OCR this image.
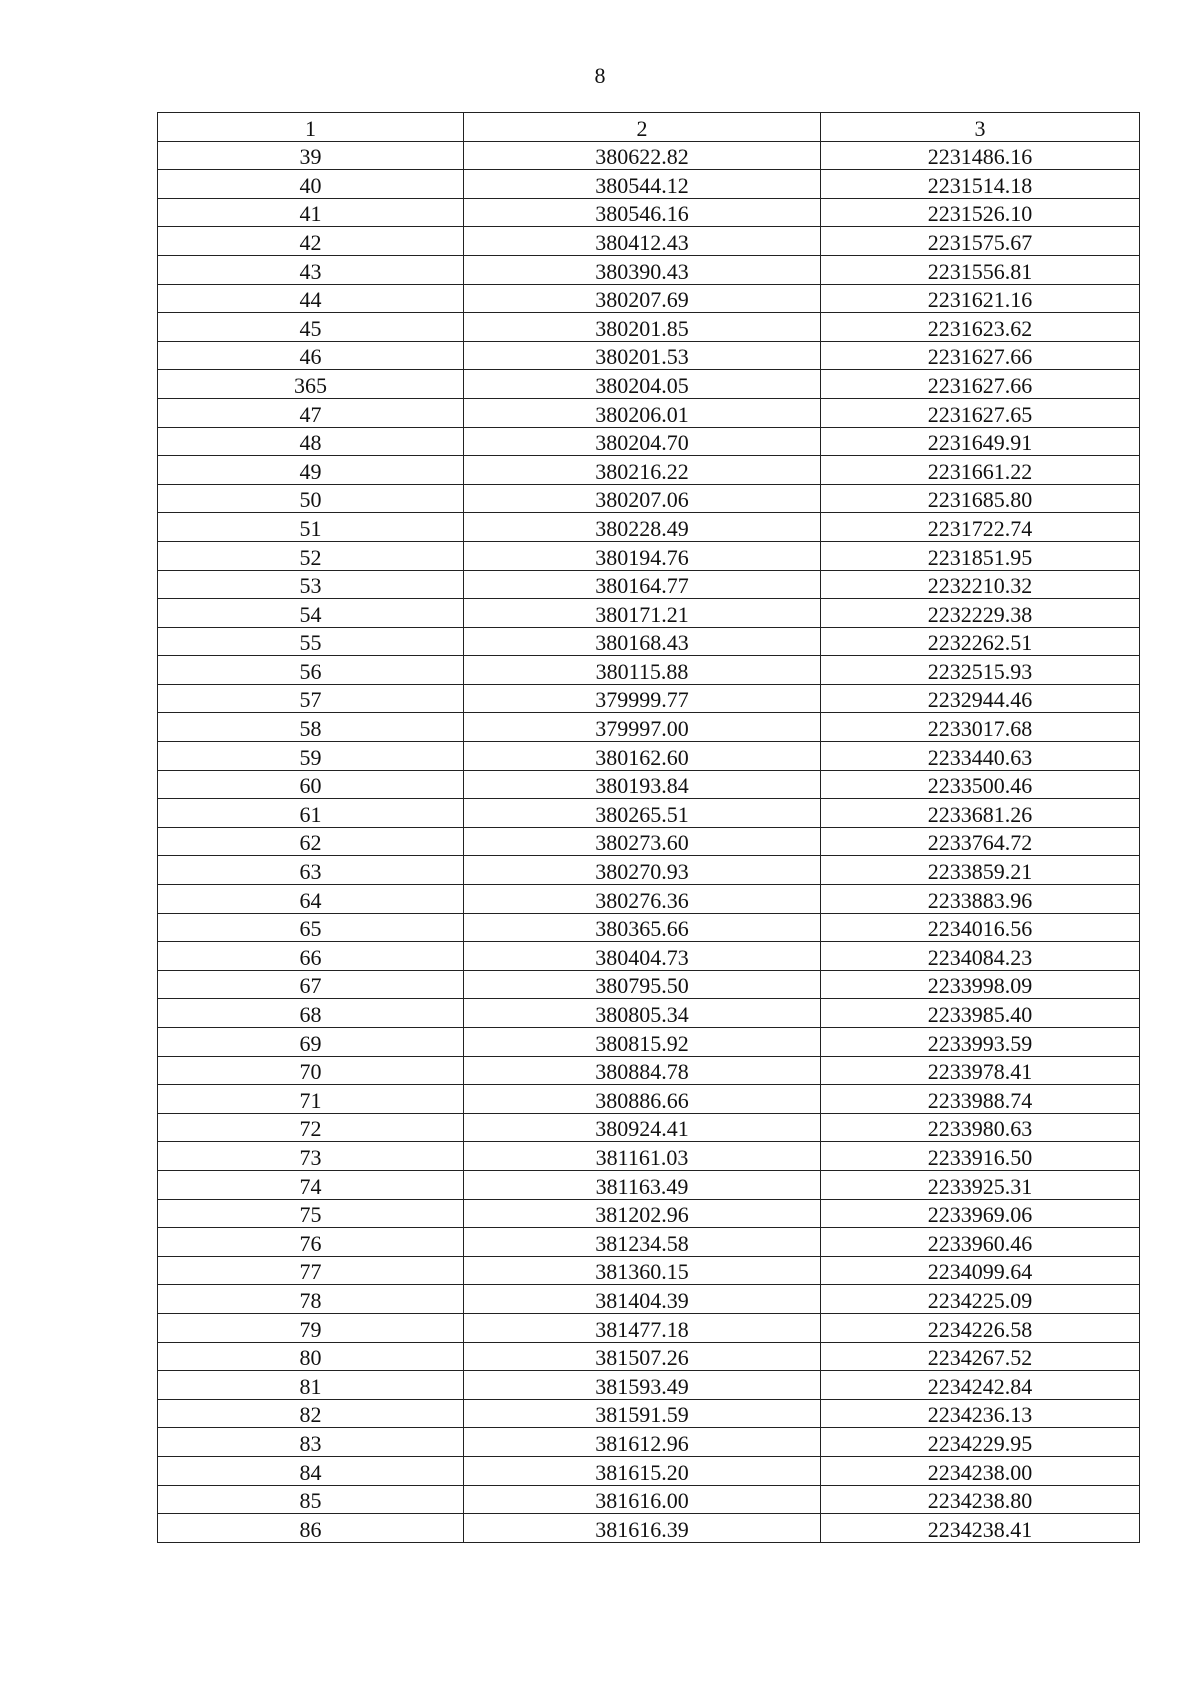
8
1	2	3
39	380622.82	2231486.16
40	380544.12	2231514.18
41	380546.16	2231526.10
42	380412.43	2231575.67
43	380390.43	2231556.81
44	380207.69	2231621.16
45	380201.85	2231623.62
46	380201.53	2231627.66
365	380204.05	2231627.66
47	380206.01	2231627.65
48	380204.70	2231649.91
49	380216.22	2231661.22
50	380207.06	2231685.80
51	380228.49	2231722.74
52	380194.76	2231851.95
53	380164.77	2232210.32
54	380171.21	2232229.38
55	380168.43	2232262.51
56	380115.88	2232515.93
57	379999.77	2232944.46
58	379997.00	2233017.68
59	380162.60	2233440.63
60	380193.84	2233500.46
61	380265.51	2233681.26
62	380273.60	2233764.72
63	380270.93	2233859.21
64	380276.36	2233883.96
65	380365.66	2234016.56
66	380404.73	2234084.23
67	380795.50	2233998.09
68	380805.34	2233985.40
69	380815.92	2233993.59
70	380884.78	2233978.41
71	380886.66	2233988.74
72	380924.41	2233980.63
73	381161.03	2233916.50
74	381163.49	2233925.31
75	381202.96	2233969.06
76	381234.58	2233960.46
77	381360.15	2234099.64
78	381404.39	2234225.09
79	381477.18	2234226.58
80	381507.26	2234267.52
81	381593.49	2234242.84
82	381591.59	2234236.13
83	381612.96	2234229.95
84	381615.20	2234238.00
85	381616.00	2234238.80
86	381616.39	2234238.41
